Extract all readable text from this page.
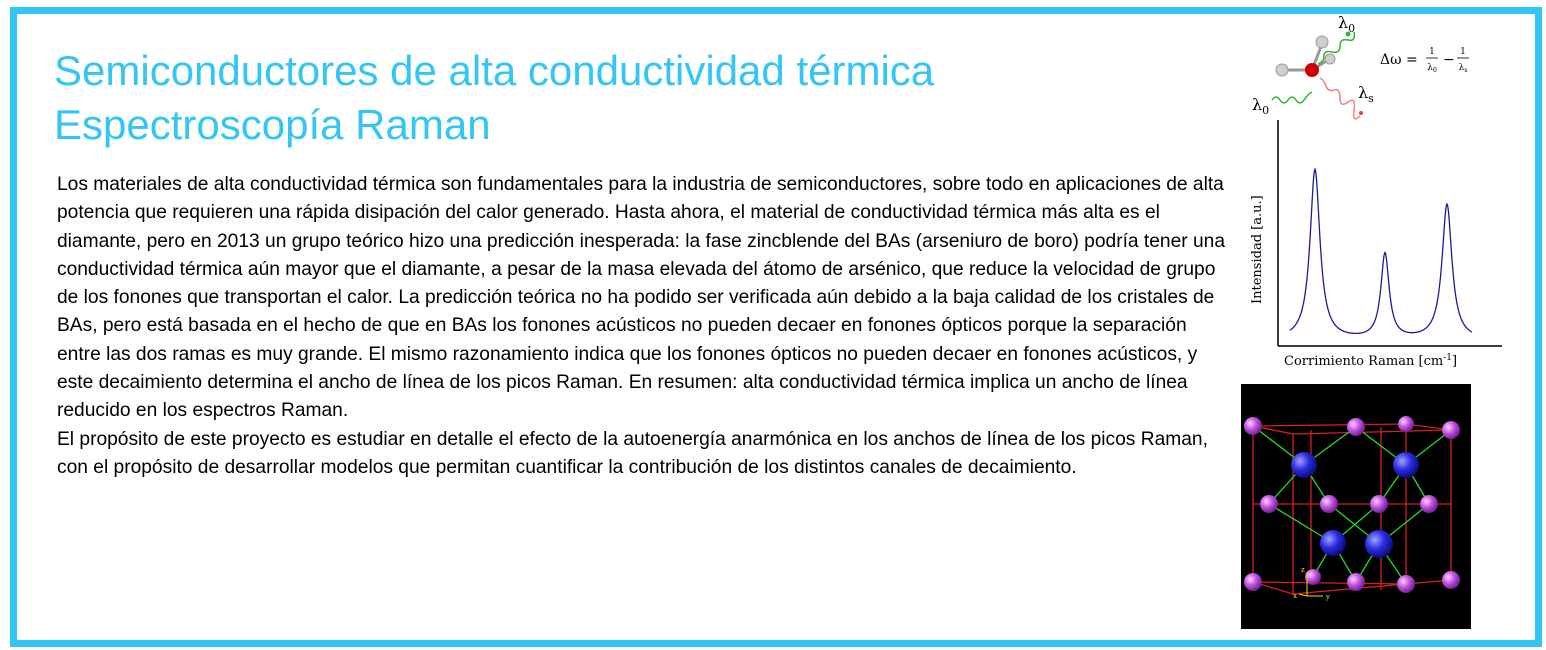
Semiconductores de alta conductividad térmica
Espectroscopía Raman

Los materiales de alta conductividad térmica son fundamentales para la industria de semiconductores, sobre todo en aplicaciones de alta potencia que requieren una rápida disipación del calor generado. Hasta ahora, el material de conductividad térmica más alta es el diamante, pero en 2013 un grupo teórico hizo una predicción inesperada: la fase zincblende del BAs (arseniuro de boro) podría tener una conductividad térmica aún mayor que el diamante, a pesar de la masa elevada del átomo de arsénico, que reduce la velocidad de grupo de los fonones que transportan el calor. La predicción teórica no ha podido ser verificada aún debido a la baja calidad de los cristales de BAs, pero está basada en el hecho de que en BAs los fonones acústicos no pueden decaer en fonones ópticos porque la separación entre las dos ramas es muy grande. El mismo razonamiento indica que los fonones ópticos no pueden decaer en fonones acústicos, y este decaimiento determina el ancho de línea de los picos Raman. En resumen: alta conductividad térmica implica un ancho de línea reducido en los espectros Raman.

El propósito de este proyecto es estudiar en detalle el efecto de la autoenergía anarmónica en los anchos de línea de los picos Raman, con el propósito de desarrollar modelos que permitan cuantificar la contribución de los distintos canales de decaimiento.

$\lambda_0$
$\lambda_0$
$\lambda_s$
Δω = 1
$\lambda_0$
− 1
$\lambda_s$
Intensidad [a.u.]
Corrimiento Raman $[cm^{-1}]$
z
x	y
